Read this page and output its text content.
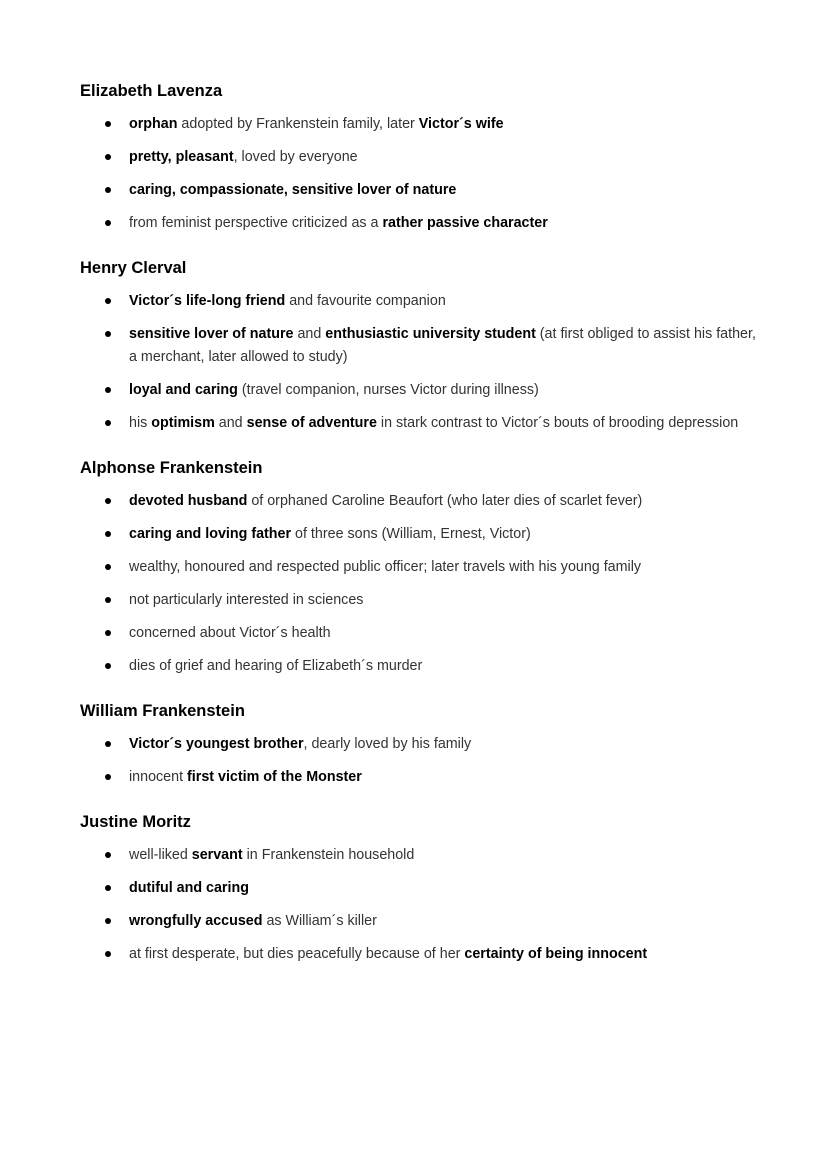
Elizabeth Lavenza
orphan adopted by Frankenstein family, later Victor´s wife
pretty, pleasant, loved by everyone
caring, compassionate, sensitive lover of nature
from feminist perspective criticized as a rather passive character
Henry Clerval
Victor´s life-long friend and favourite companion
sensitive lover of nature and enthusiastic university student (at first obliged to assist his father, a merchant, later allowed to study)
loyal and caring (travel companion, nurses Victor during illness)
his optimism and sense of adventure in stark contrast to Victor´s bouts of brooding depression
Alphonse Frankenstein
devoted husband of orphaned Caroline Beaufort (who later dies of scarlet fever)
caring and loving father of three sons (William, Ernest, Victor)
wealthy, honoured and respected public officer; later travels with his young family
not particularly interested in sciences
concerned about Victor´s health
dies of grief and hearing of Elizabeth´s murder
William Frankenstein
Victor´s youngest brother, dearly loved by his family
innocent first victim of the Monster
Justine Moritz
well-liked servant in Frankenstein household
dutiful and caring
wrongfully accused as William´s killer
at first desperate, but dies peacefully because of her certainty of being innocent
